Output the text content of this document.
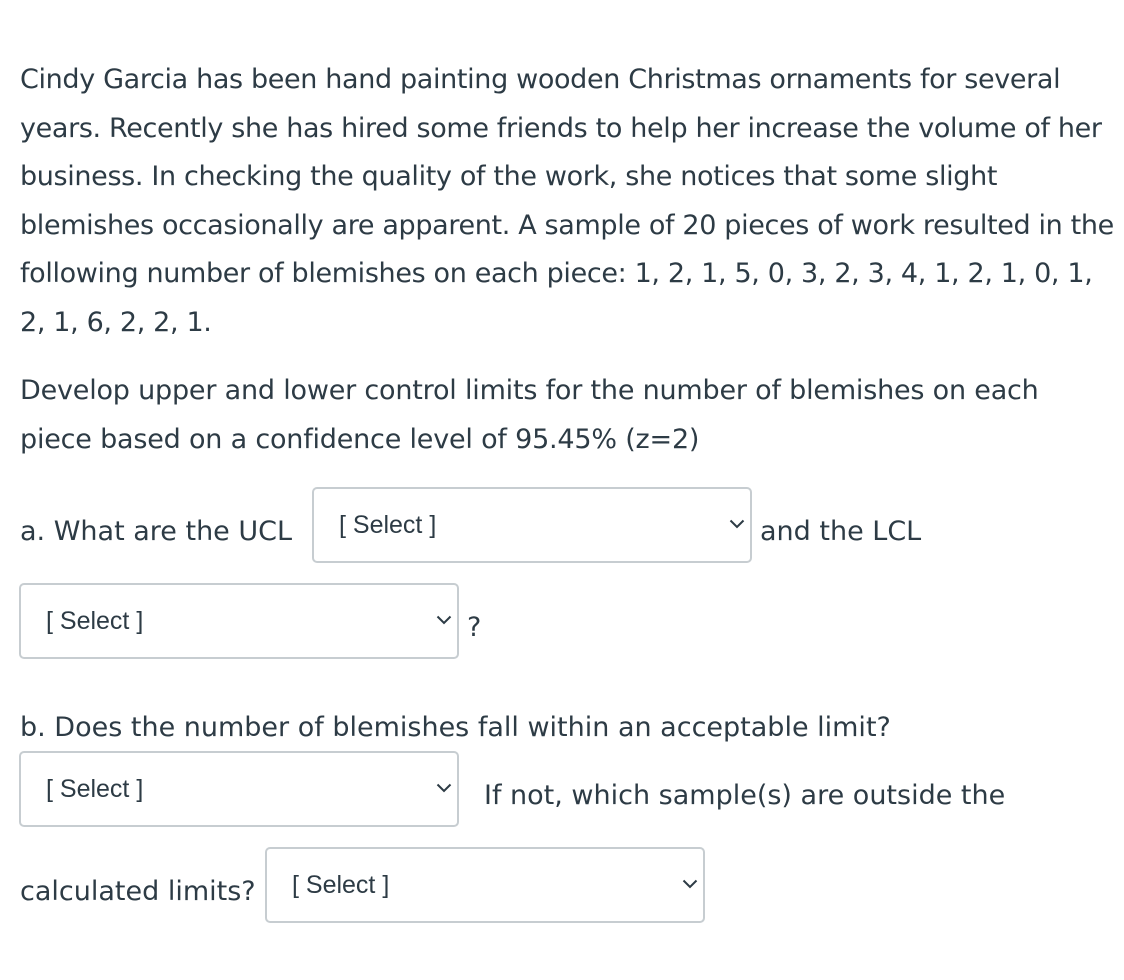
Cindy Garcia has been hand painting wooden Christmas ornaments for several years. Recently she has hired some friends to help her increase the volume of her business. In checking the quality of the work, she notices that some slight blemishes occasionally are apparent. A sample of 20 pieces of work resulted in the following number of blemishes on each piece: 1, 2, 1, 5, 0, 3, 2, 3, 4, 1, 2, 1, 0, 1, 2, 1, 6, 2, 2, 1.

Develop upper and lower control limits for the number of blemishes on each piece based on a confidence level of 95.45% (z=2)

a. What are the UCL [ Select ]	and the LCL
[ Select ]	?
b. Does the number of blemishes fall within an acceptable limit?
[ Select ]	If not, which sample(s) are outside the
calculated limits? [ Select ]
